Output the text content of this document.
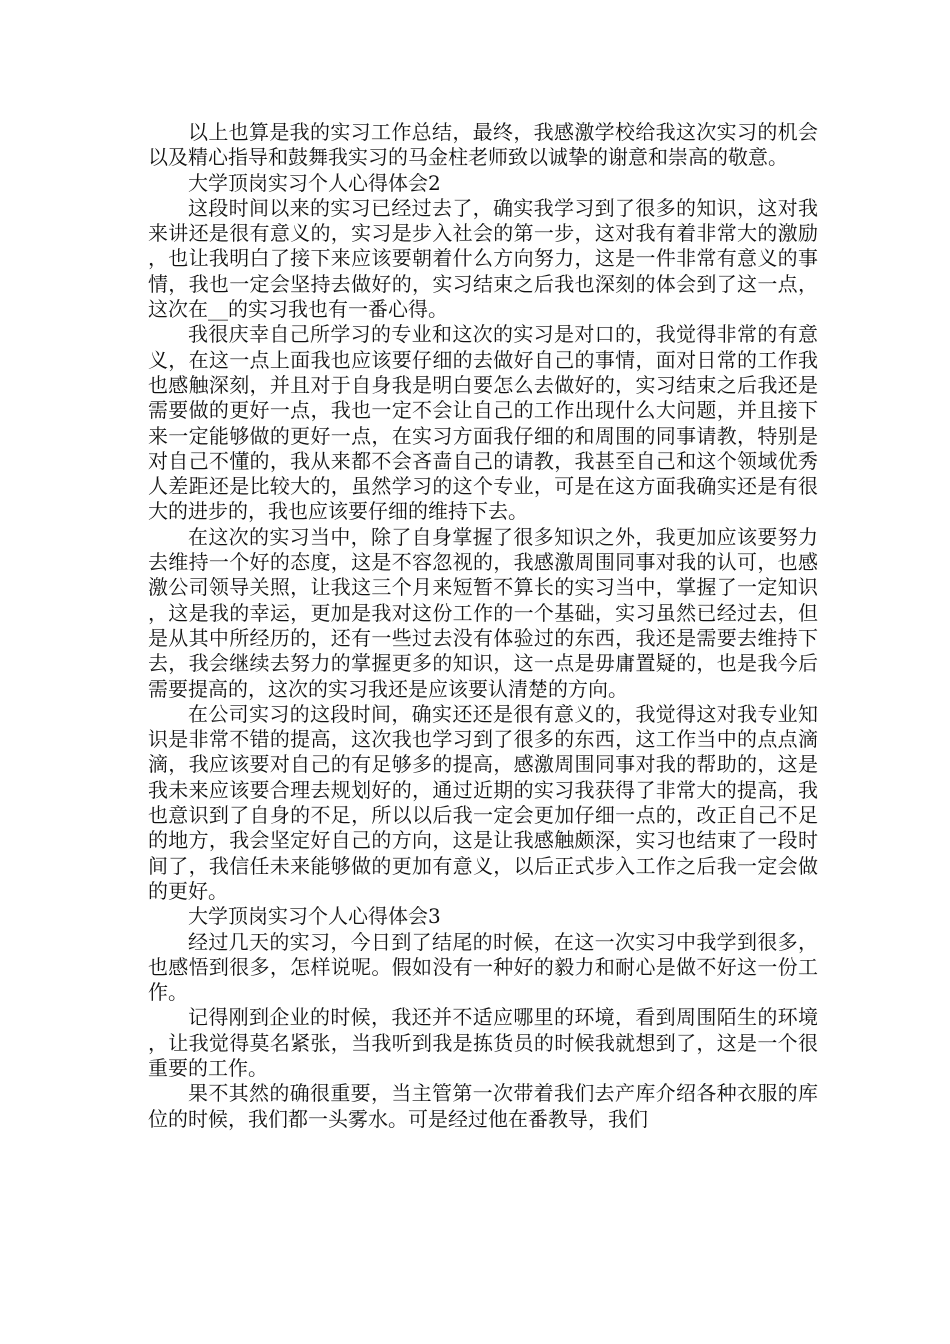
以上也算是我的实习工作总结，最终，我感激学校给我这次实习的机会以及精心指导和鼓舞我实习的马金柱老师致以诚挚的谢意和崇高的敬意。

大学顶岗实习个人心得体会2

这段时间以来的实习已经过去了，确实我学习到了很多的知识，这对我来讲还是很有意义的，实习是步入社会的第一步，这对我有着非常大的激励，也让我明白了接下来应该要朝着什么方向努力，这是一件非常有意义的事情，我也一定会坚持去做好的，实习结束之后我也深刻的体会到了这一点，这次在__的实习我也有一番心得。

我很庆幸自己所学习的专业和这次的实习是对口的，我觉得非常的有意义，在这一点上面我也应该要仔细的去做好自己的事情，面对日常的工作我也感触深刻，并且对于自身我是明白要怎么去做好的，实习结束之后我还是需要做的更好一点，我也一定不会让自己的工作出现什么大问题，并且接下来一定能够做的更好一点，在实习方面我仔细的和周围的同事请教，特别是对自己不懂的，我从来都不会吝啬自己的请教，我甚至自己和这个领域优秀人差距还是比较大的，虽然学习的这个专业，可是在这方面我确实还是有很大的进步的，我也应该要仔细的维持下去。

在这次的实习当中，除了自身掌握了很多知识之外，我更加应该要努力去维持一个好的态度，这是不容忽视的，我感激周围同事对我的认可，也感激公司领导关照，让我这三个月来短暂不算长的实习当中，掌握了一定知识，这是我的幸运，更加是我对这份工作的一个基础，实习虽然已经过去，但是从其中所经历的，还有一些过去没有体验过的东西，我还是需要去维持下去，我会继续去努力的掌握更多的知识，这一点是毋庸置疑的，也是我今后需要提高的，这次的实习我还是应该要认清楚的方向。

在公司实习的这段时间，确实还还是很有意义的，我觉得这对我专业知识是非常不错的提高，这次我也学习到了很多的东西，这工作当中的点点滴滴，我应该要对自己的有足够多的提高，感激周围同事对我的帮助的，这是我未来应该要合理去规划好的，通过近期的实习我获得了非常大的提高，我也意识到了自身的不足，所以以后我一定会更加仔细一点的，改正自己不足的地方，我会坚定好自己的方向，这是让我感触颇深，实习也结束了一段时间了，我信任未来能够做的更加有意义，以后正式步入工作之后我一定会做的更好。

大学顶岗实习个人心得体会3

经过几天的实习，今日到了结尾的时候，在这一次实习中我学到很多，也感悟到很多，怎样说呢。假如没有一种好的毅力和耐心是做不好这一份工作。

记得刚到企业的时候，我还并不适应哪里的环境，看到周围陌生的环境，让我觉得莫名紧张，当我听到我是拣货员的时候我就想到了，这是一个很重要的工作。

果不其然的确很重要，当主管第一次带着我们去产库介绍各种衣服的库位的时候，我们都一头雾水。可是经过他在番教导，我们
